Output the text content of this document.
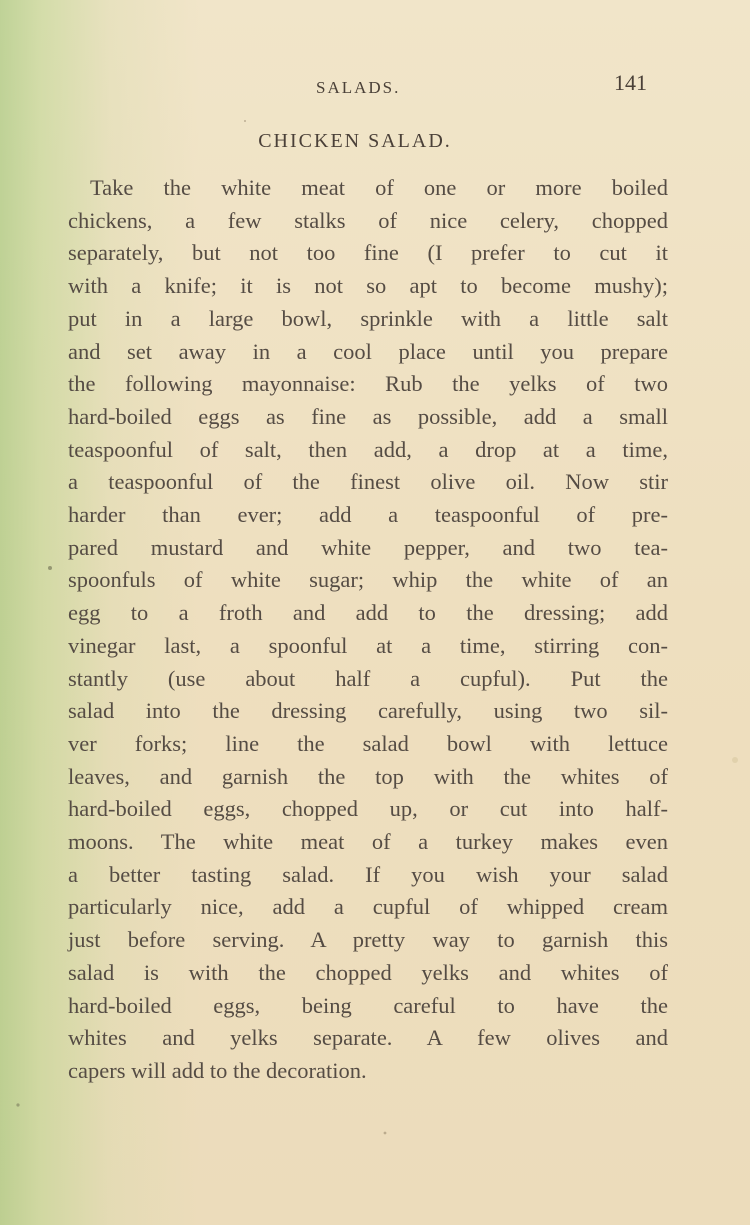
SALADS.	141
CHICKEN SALAD.
Take the white meat of one or more boiled
chickens, a few stalks of nice celery, chopped
separately, but not too fine (I prefer to cut it
with a knife; it is not so apt to become mushy);
put in a large bowl, sprinkle with a little salt
and set away in a cool place until you prepare
the following mayonnaise: Rub the yelks of two
hard-boiled eggs as fine as possible, add a small
teaspoonful of salt, then add, a drop at a time,
a teaspoonful of the finest olive oil. Now stir
harder than ever; add a teaspoonful of pre-
pared mustard and white pepper, and two tea-
spoonfuls of white sugar; whip the white of an
egg to a froth and add to the dressing; add
vinegar last, a spoonful at a time, stirring con-
stantly (use about half a cupful). Put the
salad into the dressing carefully, using two sil-
ver forks; line the salad bowl with lettuce
leaves, and garnish the top with the whites of
hard-boiled eggs, chopped up, or cut into half-
moons. The white meat of a turkey makes even
a better tasting salad. If you wish your salad
particularly nice, add a cupful of whipped cream
just before serving. A pretty way to garnish this
salad is with the chopped yelks and whites of
hard-boiled eggs, being careful to have the
whites and yelks separate. A few olives and
capers will add to the decoration.
